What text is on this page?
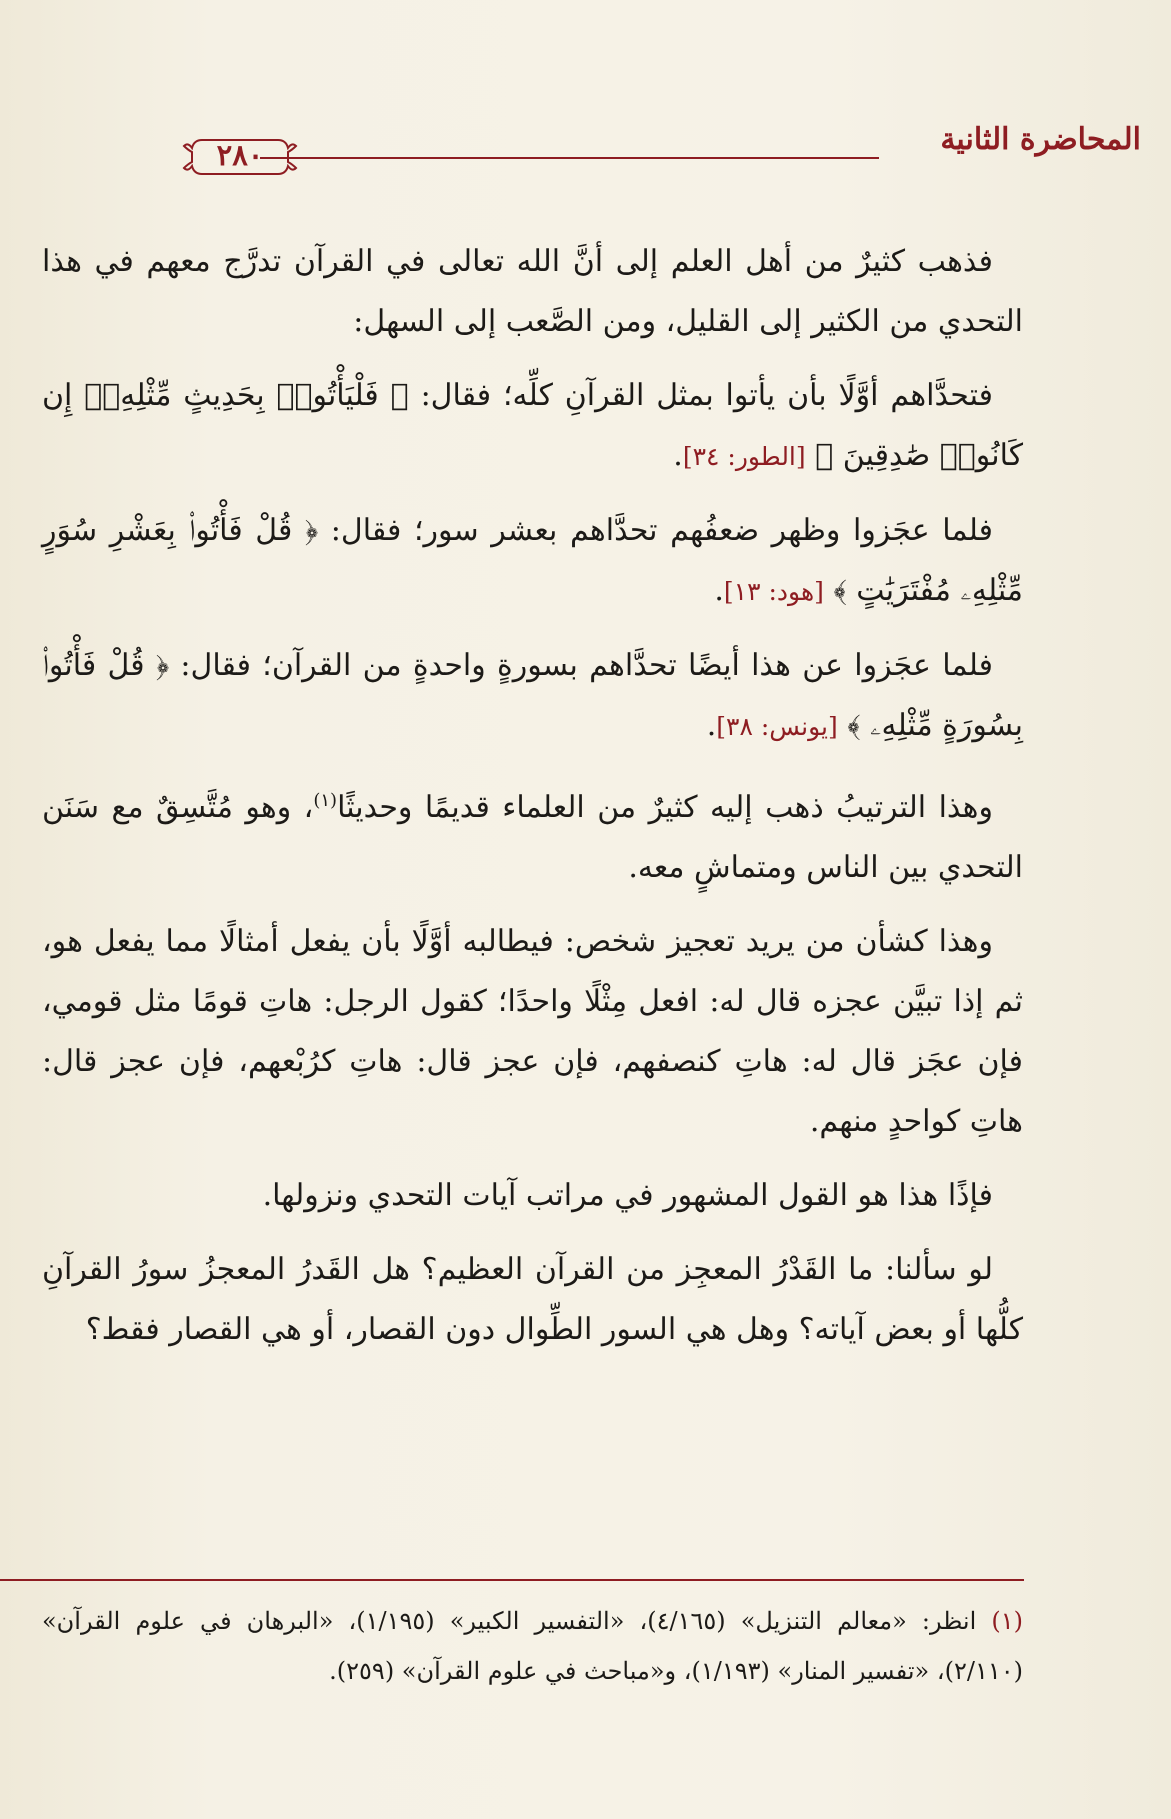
المحاضرة الثانية
٢٨٠

فذهب كثيرٌ من أهل العلم إلى أنَّ الله تعالى في القرآن تدرَّج معهم في هذا التحدي من الكثير إلى القليل، ومن الصَّعب إلى السهل:

فتحدَّاهم أوَّلًا بأن يأتوا بمثل القرآنِ كلِّه؛ فقال: ﴿ فَلْيَأْتُوا۟ بِحَدِيثٍ مِّثْلِهِۦٓ إِن كَانُوا۟ صَٰدِقِينَ ﴾ [الطور: ٣٤].

فلما عجَزوا وظهر ضعفُهم تحدَّاهم بعشر سور؛ فقال: ﴿ قُلْ فَأْتُوا۟ بِعَشْرِ سُوَرٍ مِّثْلِهِۦ مُفْتَرَيَٰتٍ ﴾ [هود: ١٣].

فلما عجَزوا عن هذا أيضًا تحدَّاهم بسورةٍ واحدةٍ من القرآن؛ فقال: ﴿ قُلْ فَأْتُوا۟ بِسُورَةٍ مِّثْلِهِۦ ﴾ [يونس: ٣٨].

وهذا الترتيبُ ذهب إليه كثيرٌ من العلماء قديمًا وحديثًا$^{(١)}$، وهو مُتَّسِقٌ مع سَنَن التحدي بين الناس ومتماشٍ معه.

وهذا كشأن من يريد تعجيز شخص: فيطالبه أوَّلًا بأن يفعل أمثالًا مما يفعل هو، ثم إذا تبيَّن عجزه قال له: افعل مِثْلًا واحدًا؛ كقول الرجل: هاتِ قومًا مثل قومي، فإن عجَز قال له: هاتِ كنصفهم، فإن عجز قال: هاتِ كرُبْعهم، فإن عجز قال: هاتِ كواحدٍ منهم.

فإذًا هذا هو القول المشهور في مراتب آيات التحدي ونزولها.

لو سألنا: ما القَدْرُ المعجِز من القرآن العظيم؟ هل القَدرُ المعجزُ سورُ القرآنِ كلُّها أو بعض آياته؟ وهل هي السور الطِّوال دون القصار، أو هي القصار فقط؟

(١) انظر: «معالم التنزيل» (٤/١٦٥)، «التفسير الكبير» (١/١٩٥)، «البرهان في علوم القرآن» (٢/١١٠)، «تفسير المنار» (١/١٩٣)، و«مباحث في علوم القرآن» (٢٥٩).
